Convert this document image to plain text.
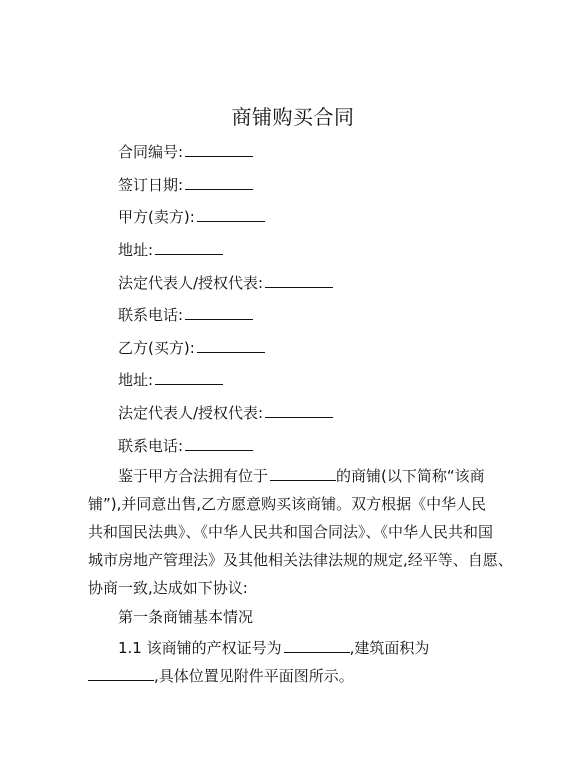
商铺购买合同
合同编号:
签订日期:
甲方(卖方):
地址:
法定代表人/授权代表:
联系电话:
乙方(买方):
地址:
法定代表人/授权代表:
联系电话:
鉴于甲方合法拥有位于	的商铺(以下简称“该商
铺”),并同意出售,乙方愿意购买该商铺。双方根据《中华人民
共和国民法典》、《中华人民共和国合同法》、《中华人民共和国
城市房地产管理法》及其他相关法律法规的规定,经平等、自愿、
协商一致,达成如下协议:
第一条商铺基本情况
1.1 该商铺的产权证号为	,建筑面积为
,具体位置见附件平面图所示。
